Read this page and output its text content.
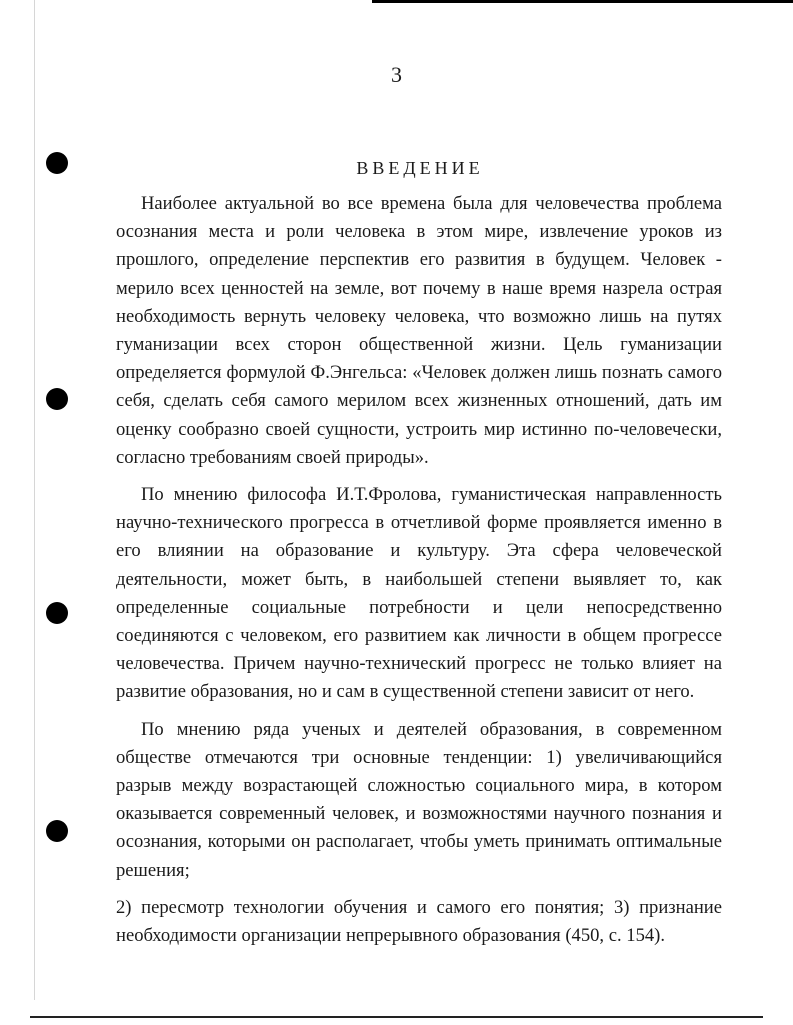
3
ВВЕДЕНИЕ

Наиболее актуальной во все времена была для человечества проблема осознания места и роли человека в этом мире, извлечение уроков из прошлого, определение перспектив его развития в будущем. Человек - мерило всех ценностей на земле, вот почему в наше время назрела острая необходимость вернуть человеку человека, что возможно лишь на путях гуманизации всех сторон общественной жизни. Цель гуманизации определяется формулой Ф.Энгельса: «Человек должен лишь познать самого себя, сделать себя самого мерилом всех жизненных отношений, дать им оценку сообразно своей сущности, устроить мир истинно по-человечески, согласно требованиям своей природы».

По мнению философа И.Т.Фролова, гуманистическая направленность научно-технического прогресса в отчетливой форме проявляется именно в его влиянии на образование и культуру. Эта сфера человеческой деятельности, может быть, в наибольшей степени выявляет то, как определенные социальные потребности и цели непосредственно соединяются с человеком, его развитием как личности в общем прогрессе человечества. Причем научно-технический прогресс не только влияет на развитие образования, но и сам в существенной степени зависит от него.

По мнению ряда ученых и деятелей образования, в современном обществе отмечаются три основные тенденции: 1) увеличивающийся разрыв между возрастающей сложностью социального мира, в котором оказывается современный человек, и возможностями научного познания и осознания, которыми он располагает, чтобы уметь принимать оптимальные решения;

2) пересмотр технологии обучения и самого его понятия; 3) признание необходимости организации непрерывного образования (450, с. 154).
